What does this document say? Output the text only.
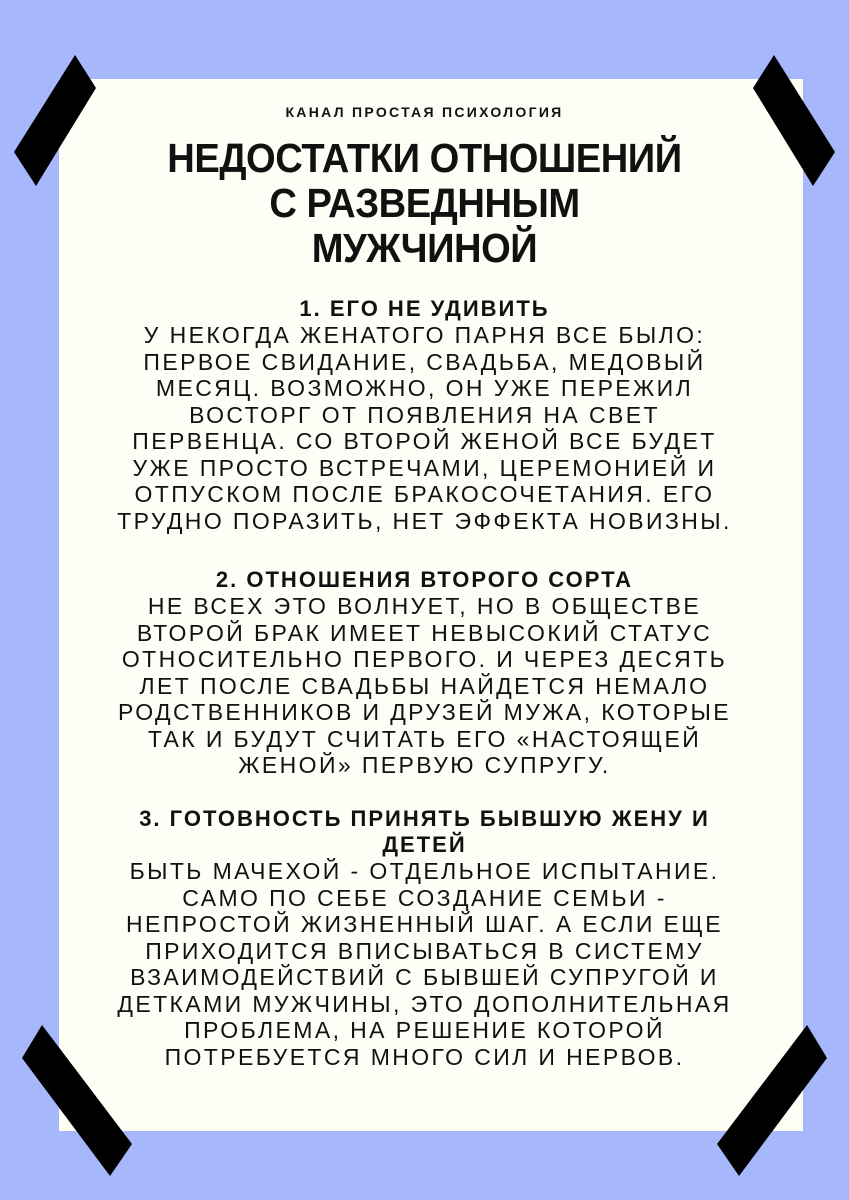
КАНАЛ ПРОСТАЯ ПСИХОЛОГИЯ
НЕДОСТАТКИ ОТНОШЕНИЙ
С РАЗВЕДННЫМ
МУЖЧИНОЙ
1. ЕГО НЕ УДИВИТЬ
У НЕКОГДА ЖЕНАТОГО ПАРНЯ ВСЕ БЫЛО:
ПЕРВОЕ СВИДАНИЕ, СВАДЬБА, МЕДОВЫЙ
МЕСЯЦ. ВОЗМОЖНО, ОН УЖЕ ПЕРЕЖИЛ
ВОСТОРГ ОТ ПОЯВЛЕНИЯ НА СВЕТ
ПЕРВЕНЦА. СО ВТОРОЙ ЖЕНОЙ ВСЕ БУДЕТ
УЖЕ ПРОСТО ВСТРЕЧАМИ, ЦЕРЕМОНИЕЙ И
ОТПУСКОМ ПОСЛЕ БРАКОСОЧЕТАНИЯ. ЕГО
ТРУДНО ПОРАЗИТЬ, НЕТ ЭФФЕКТА НОВИЗНЫ.
2. ОТНОШЕНИЯ ВТОРОГО СОРТА
НЕ ВСЕХ ЭТО ВОЛНУЕТ, НО В ОБЩЕСТВЕ
ВТОРОЙ БРАК ИМЕЕТ НЕВЫСОКИЙ СТАТУС
ОТНОСИТЕЛЬНО ПЕРВОГО. И ЧЕРЕЗ ДЕСЯТЬ
ЛЕТ ПОСЛЕ СВАДЬБЫ НАЙДЕТСЯ НЕМАЛО
РОДСТВЕННИКОВ И ДРУЗЕЙ МУЖА, КОТОРЫЕ
ТАК И БУДУТ СЧИТАТЬ ЕГО «НАСТОЯЩЕЙ
ЖЕНОЙ» ПЕРВУЮ СУПРУГУ.
3. ГОТОВНОСТЬ ПРИНЯТЬ БЫВШУЮ ЖЕНУ И
ДЕТЕЙ
БЫТЬ МАЧЕХОЙ - ОТДЕЛЬНОЕ ИСПЫТАНИЕ.
САМО ПО СЕБЕ СОЗДАНИЕ СЕМЬИ -
НЕПРОСТОЙ ЖИЗНЕННЫЙ ШАГ. А ЕСЛИ ЕЩЕ
ПРИХОДИТСЯ ВПИСЫВАТЬСЯ В СИСТЕМУ
ВЗАИМОДЕЙСТВИЙ С БЫВШЕЙ СУПРУГОЙ И
ДЕТКАМИ МУЖЧИНЫ, ЭТО ДОПОЛНИТЕЛЬНАЯ
ПРОБЛЕМА, НА РЕШЕНИЕ КОТОРОЙ
ПОТРЕБУЕТСЯ МНОГО СИЛ И НЕРВОВ.
